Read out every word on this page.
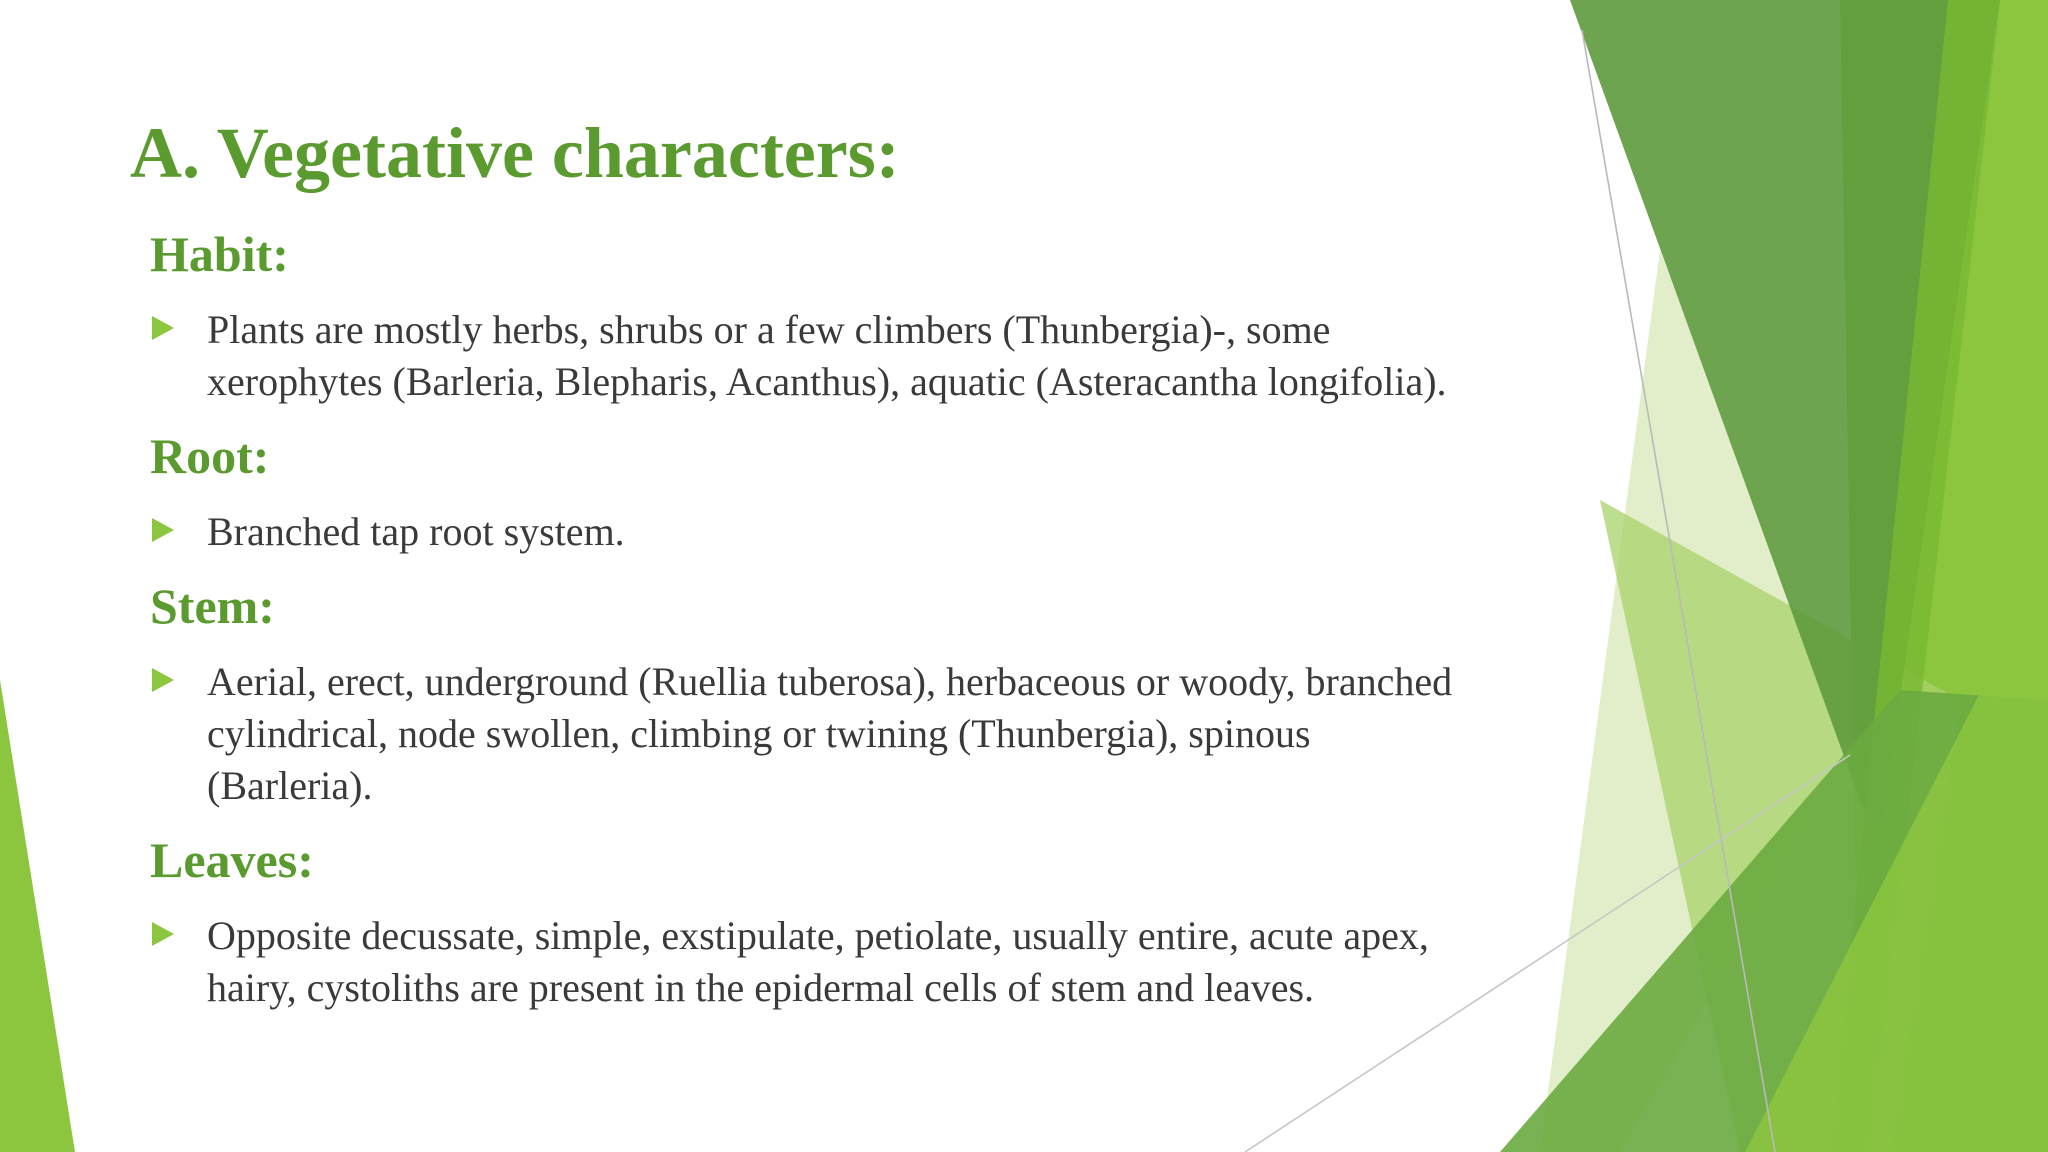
A. Vegetative characters:
Habit:
Plants are mostly herbs, shrubs or a few climbers (Thunbergia)-, some
xerophytes (Barleria, Blepharis, Acanthus), aquatic (Asteracantha longifolia).
Root:
Branched tap root system.
Stem:
Aerial, erect, underground (Ruellia tuberosa), herbaceous or woody, branched
cylindrical, node swollen, climbing or twining (Thunbergia), spinous
(Barleria).
Leaves:
Opposite decussate, simple, exstipulate, petiolate, usually entire, acute apex,
hairy, cystoliths are present in the epidermal cells of stem and leaves.
